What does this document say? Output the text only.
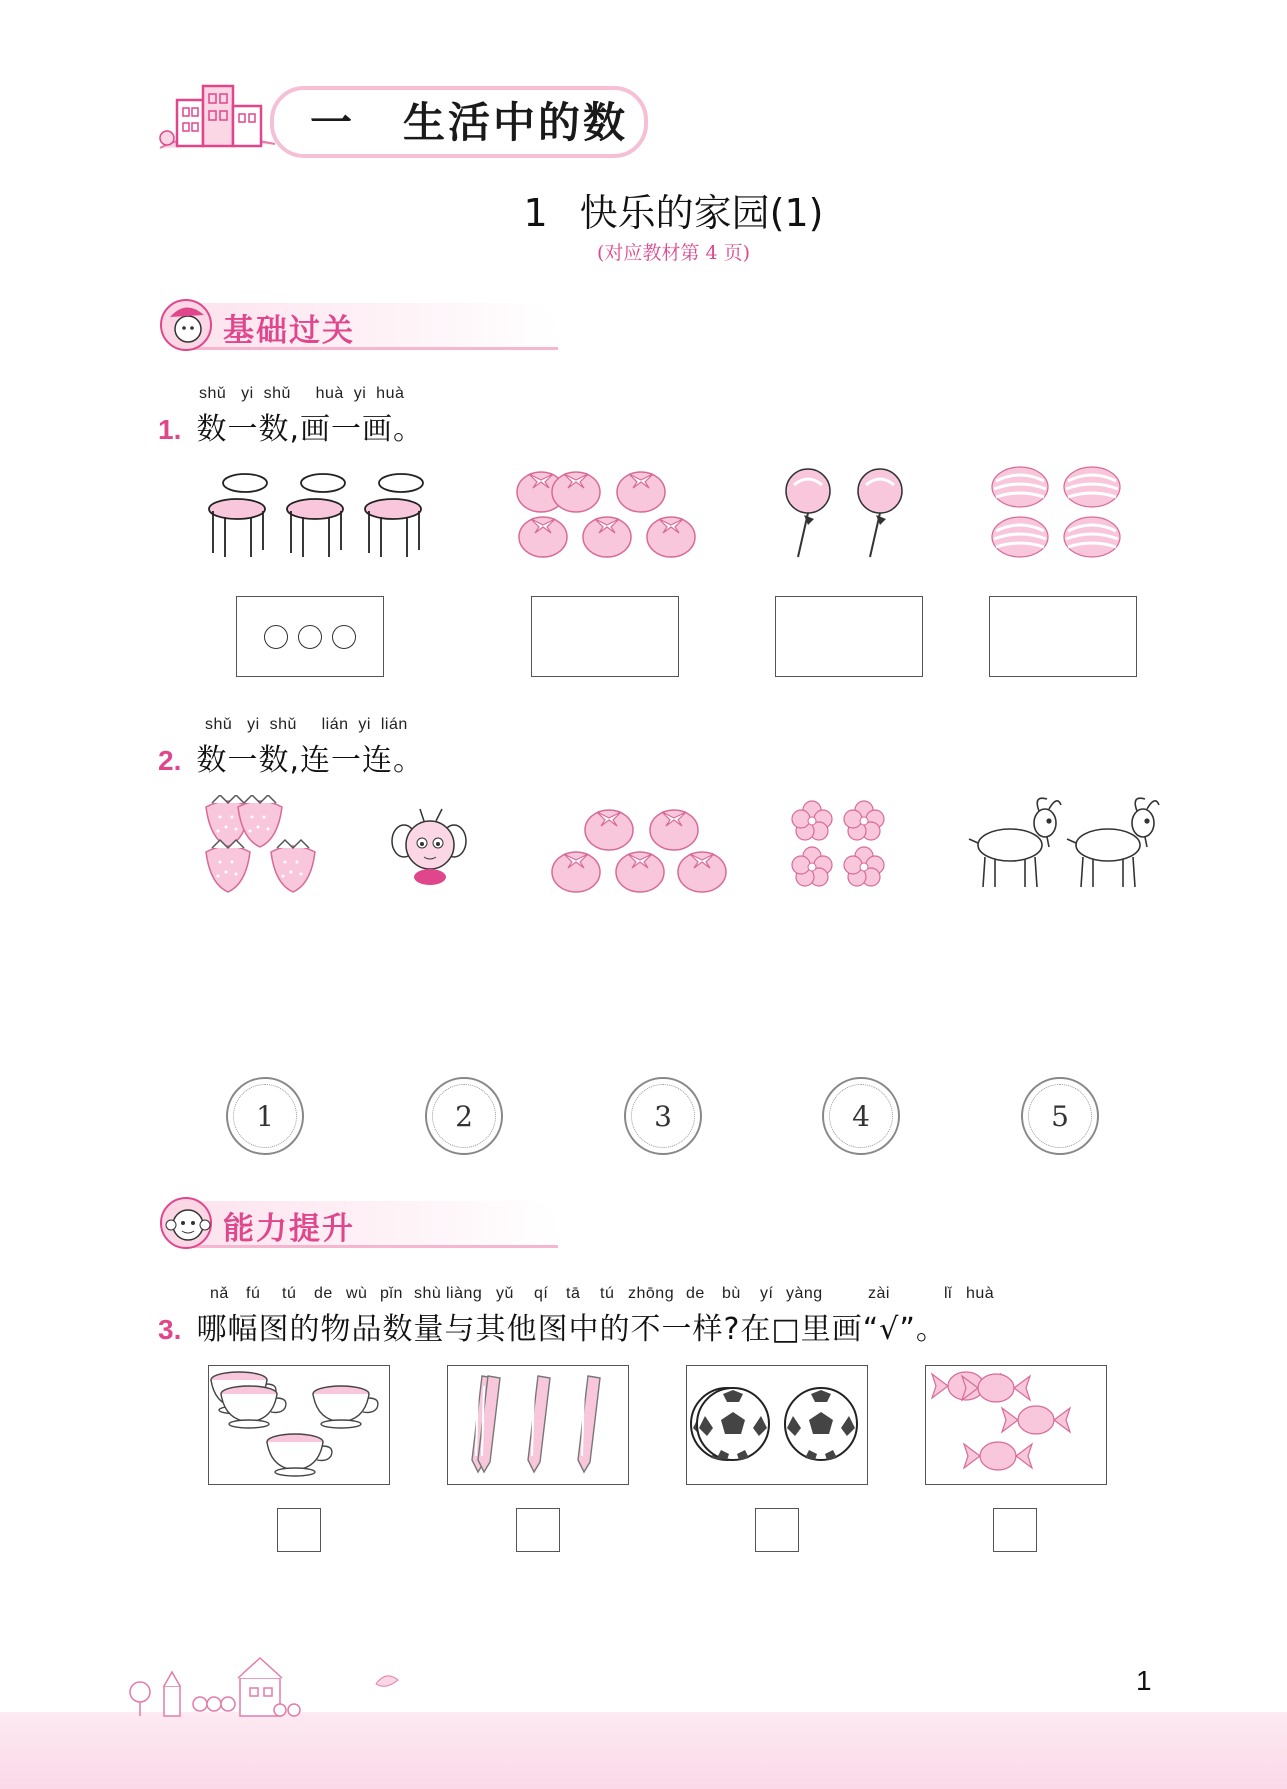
一 生活中的数
1 快乐的家园(1)
(对应教材第 4 页)
基础过关
shǔ yi shǔ huà yi huà
1. 数一数,画一画。
shǔ yi shǔ lián yi lián
2. 数一数,连一连。
1	2	3	4	5
能力提升
nǎ fú tú de wù pǐn shù liàng yǔ qí tā tú zhōng de bù yí yàng	zài	lǐ huà
3. 哪幅图的物品数量与其他图中的不一样?在□里画“√”。
1
